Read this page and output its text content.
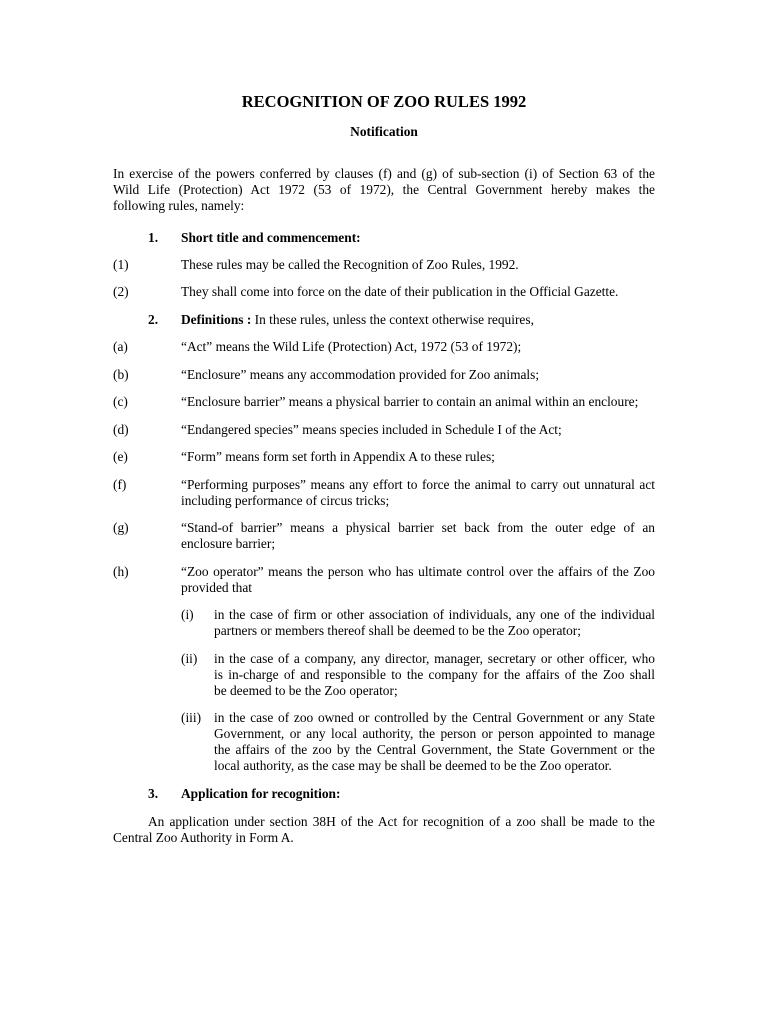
RECOGNITION OF ZOO RULES 1992
Notification
In exercise of the powers conferred by clauses (f) and (g) of sub-section (i) of Section 63 of the
Wild Life (Protection) Act 1972 (53 of 1972), the Central Government hereby makes the
following rules, namely:
1. Short title and commencement:
(1)	These rules may be called the Recognition of Zoo Rules, 1992.
(2)	They shall come into force on the date of their publication in the Official Gazette.
2. Definitions : In these rules, unless the context otherwise requires,
(a)	“Act” means the Wild Life (Protection) Act, 1972 (53 of 1972);
(b)	“Enclosure” means any accommodation provided for Zoo animals;
(c)	“Enclosure barrier” means a physical barrier to contain an animal within an encloure;
(d)	“Endangered species” means species included in Schedule I of the Act;
(e)	“Form” means form set forth in Appendix A to these rules;
(f)	“Performing purposes” means any effort to force the animal to carry out unnatural act
including performance of circus tricks;
(g)	“Stand-of barrier” means a physical barrier set back from the outer edge of an
enclosure barrier;
(h)	“Zoo operator” means the person who has ultimate control over the affairs of the Zoo
provided that
(i) in the case of firm or other association of individuals, any one of the individual
partners or members thereof shall be deemed to be the Zoo operator;
(ii) in the case of a company, any director, manager, secretary or other officer, who
is in-charge of and responsible to the company for the affairs of the Zoo shall
be deemed to be the Zoo operator;
(iii) in the case of zoo owned or controlled by the Central Government or any State
Government, or any local authority, the person or person appointed to manage
the affairs of the zoo by the Central Government, the State Government or the
local authority, as the case may be shall be deemed to be the Zoo operator.
3. Application for recognition:
An application under section 38H of the Act for recognition of a zoo shall be made to the
Central Zoo Authority in Form A.
